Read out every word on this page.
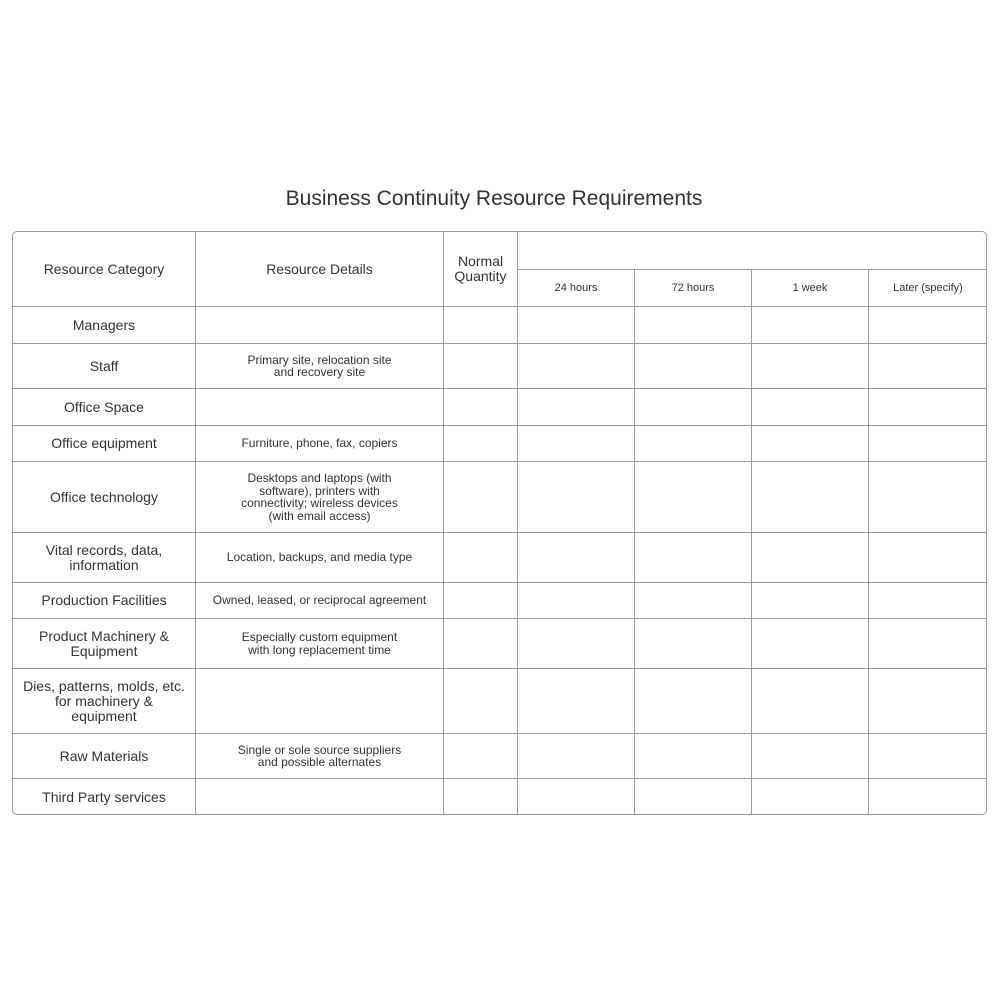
Business Continuity Resource Requirements
Resource Category	Resource Details	Normal
Quantity				
			24 hours	72 hours	1 week	Later (specify)
Managers						
Staff	Primary site, relocation site
and recovery site					
Office Space						
Office equipment	Furniture, phone, fax, copiers					
Office technology	Desktops and laptops (with
software), printers with
connectivity; wireless devices
(with email access)					
Vital records, data,
information	Location, backups, and media type					
Production Facilities	Owned, leased, or reciprocal agreement					
Product Machinery &
Equipment	Especially custom equipment
with long replacement time					
Dies, patterns, molds, etc.
for machinery &
equipment						
Raw Materials	Single or sole source suppliers
and possible alternates					
Third Party services						
